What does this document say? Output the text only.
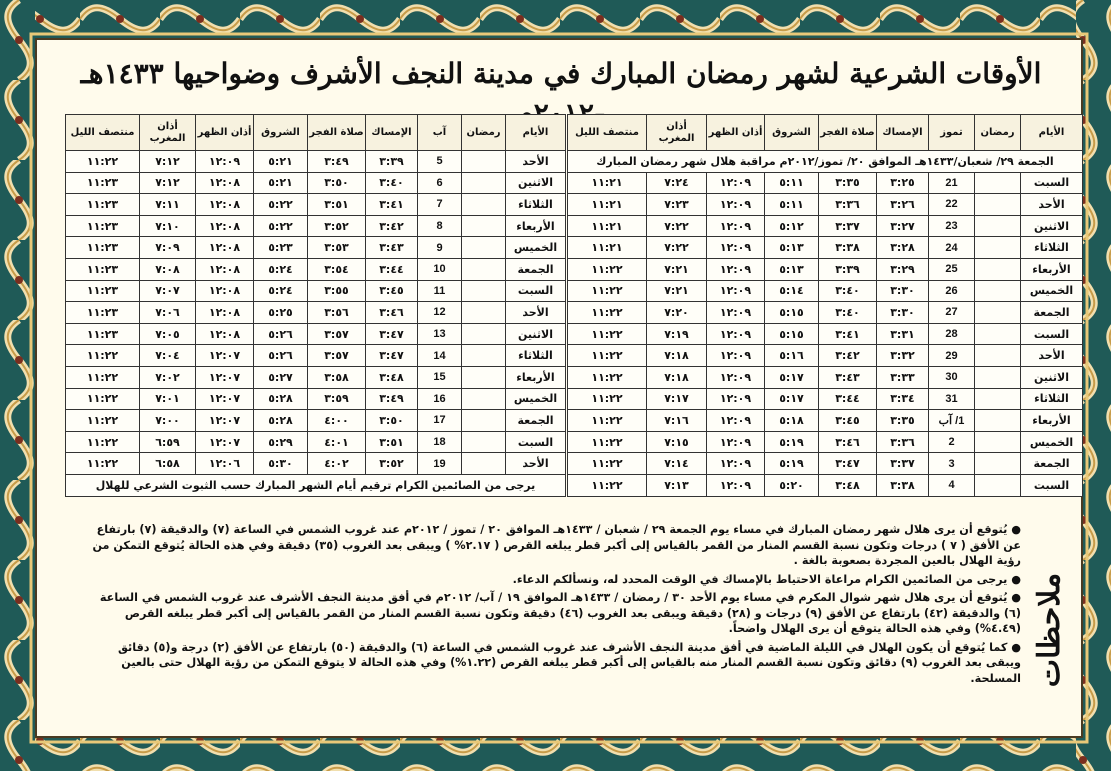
الأوقات الشرعية لشهر رمضان المبارك في مدينة النجف الأشرف وضواحيها ١٤٣٣هـ
الأيام	رمضان	تموز	الإمساك	صلاة الفجر	الشروق	أذان الظهر	أذان المغرب	منتصف الليل
الجمعة ٢٩/ شعبان/١٤٣٣هـ الموافق ٢٠/ تموز/٢٠١٢م مراقبة هلال شهر رمضان المبارك								
السبت		21	٣:٢٥	٣:٣٥	٥:١١	١٢:٠٩	٧:٢٤	١١:٢١
الأحد		22	٣:٢٦	٣:٣٦	٥:١١	١٢:٠٩	٧:٢٣	١١:٢١
الاثنين		23	٣:٢٧	٣:٣٧	٥:١٢	١٢:٠٩	٧:٢٢	١١:٢١
الثلاثاء		24	٣:٢٨	٣:٣٨	٥:١٣	١٢:٠٩	٧:٢٢	١١:٢١
الأربعاء		25	٣:٢٩	٣:٣٩	٥:١٣	١٢:٠٩	٧:٢١	١١:٢٢
الخميس		26	٣:٣٠	٣:٤٠	٥:١٤	١٢:٠٩	٧:٢١	١١:٢٢
الجمعة		27	٣:٣٠	٣:٤٠	٥:١٥	١٢:٠٩	٧:٢٠	١١:٢٢
السبت		28	٣:٣١	٣:٤١	٥:١٥	١٢:٠٩	٧:١٩	١١:٢٢
الأحد		29	٣:٣٢	٣:٤٢	٥:١٦	١٢:٠٩	٧:١٨	١١:٢٢
الاثنين		30	٣:٣٣	٣:٤٣	٥:١٧	١٢:٠٩	٧:١٨	١١:٢٢
الثلاثاء		31	٣:٣٤	٣:٤٤	٥:١٧	١٢:٠٩	٧:١٧	١١:٢٢
الأربعاء		1/ آب	٣:٣٥	٣:٤٥	٥:١٨	١٢:٠٩	٧:١٦	١١:٢٢
الخميس		2	٣:٣٦	٣:٤٦	٥:١٩	١٢:٠٩	٧:١٥	١١:٢٢
الجمعة		3	٣:٣٧	٣:٤٧	٥:١٩	١٢:٠٩	٧:١٤	١١:٢٢
السبت		4	٣:٣٨	٣:٤٨	٥:٢٠	١٢:٠٩	٧:١٣	١١:٢٢
الأيام	رمضان	آب	الإمساك	صلاة الفجر	الشروق	أذان الظهر	أذان المغرب	منتصف الليل
الأحد		5	٣:٣٩	٣:٤٩	٥:٢١	١٢:٠٩	٧:١٢	١١:٢٢
الاثنين		6	٣:٤٠	٣:٥٠	٥:٢١	١٢:٠٨	٧:١٢	١١:٢٣
الثلاثاء		7	٣:٤١	٣:٥١	٥:٢٢	١٢:٠٨	٧:١١	١١:٢٣
الأربعاء		8	٣:٤٢	٣:٥٢	٥:٢٢	١٢:٠٨	٧:١٠	١١:٢٣
الخميس		9	٣:٤٣	٣:٥٣	٥:٢٣	١٢:٠٨	٧:٠٩	١١:٢٣
الجمعة		10	٣:٤٤	٣:٥٤	٥:٢٤	١٢:٠٨	٧:٠٨	١١:٢٣
السبت		11	٣:٤٥	٣:٥٥	٥:٢٤	١٢:٠٨	٧:٠٧	١١:٢٣
الأحد		12	٣:٤٦	٣:٥٦	٥:٢٥	١٢:٠٨	٧:٠٦	١١:٢٣
الاثنين		13	٣:٤٧	٣:٥٧	٥:٢٦	١٢:٠٨	٧:٠٥	١١:٢٣
الثلاثاء		14	٣:٤٧	٣:٥٧	٥:٢٦	١٢:٠٧	٧:٠٤	١١:٢٢
الأربعاء		15	٣:٤٨	٣:٥٨	٥:٢٧	١٢:٠٧	٧:٠٢	١١:٢٢
الخميس		16	٣:٤٩	٣:٥٩	٥:٢٨	١٢:٠٧	٧:٠١	١١:٢٢
الجمعة		17	٣:٥٠	٤:٠٠	٥:٢٨	١٢:٠٧	٧:٠٠	١١:٢٢
السبت		18	٣:٥١	٤:٠١	٥:٢٩	١٢:٠٧	٦:٥٩	١١:٢٢
الأحد		19	٣:٥٢	٤:٠٢	٥:٣٠	١٢:٠٦	٦:٥٨	١١:٢٢
يرجى من الصائمين الكرام ترقيم أيام الشهر المبارك حسب الثبوت الشرعي للهلال								
ملاحظات

● يُتوقع أن يرى هلال شهر رمضان المبارك في مساء يوم الجمعة ٢٩ / شعبان / ١٤٣٣هـ الموافق ٢٠ / تموز / ٢٠١٢م عند غروب الشمس في الساعة (٧) والدقيقة (٧) بارتفاع عن الأفق ( ٧ ) درجات وتكون نسبة القسم المنار من القمر بالقياس إلى أكبر قطر يبلغه القرص ( ٢.١٧% ) ويبقى بعد الغروب (٣٥) دقيقة وفي هذه الحالة يُتوقع التمكن من رؤية الهلال بالعين المجردة بصعوبة بالغة .

● يرجى من الصائمين الكرام مراعاة الاحتياط بالإمساك في الوقت المحدد له، ونسألكم الدعاء.

● يُتوقع أن يرى هلال شهر شوال المكرم في مساء يوم الأحد ٣٠ / رمضان / ١٤٣٣هـ الموافق ١٩ / آب/ ٢٠١٢م في أفق مدينة النجف الأشرف عند غروب الشمس في الساعة (٦) والدقيقة (٤٢) بارتفاع عن الأفق (٩) درجات و (٢٨) دقيقة ويبقى بعد الغروب (٤٦) دقيقة وتكون نسبة القسم المنار من القمر بالقياس إلى أكبر قطر يبلغه القرص (٤.٤٩%) وفي هذه الحالة يتوقع أن يرى الهلال واضحاً.

● كما يُتوقع أن يكون الهلال في الليلة الماضية في أفق مدينة النجف الأشرف عند غروب الشمس في الساعة (٦) والدقيقة (٥٠) بارتفاع عن الأفق (٢) درجة و(٥) دقائق ويبقى بعد الغروب (٩) دقائق وتكون نسبة القسم المنار منه بالقياس إلى أكبر قطر يبلغه القرص (١.٢٢%) وفي هذه الحالة لا يتوقع التمكن من رؤية الهلال حتى بالعين المسلحة.
